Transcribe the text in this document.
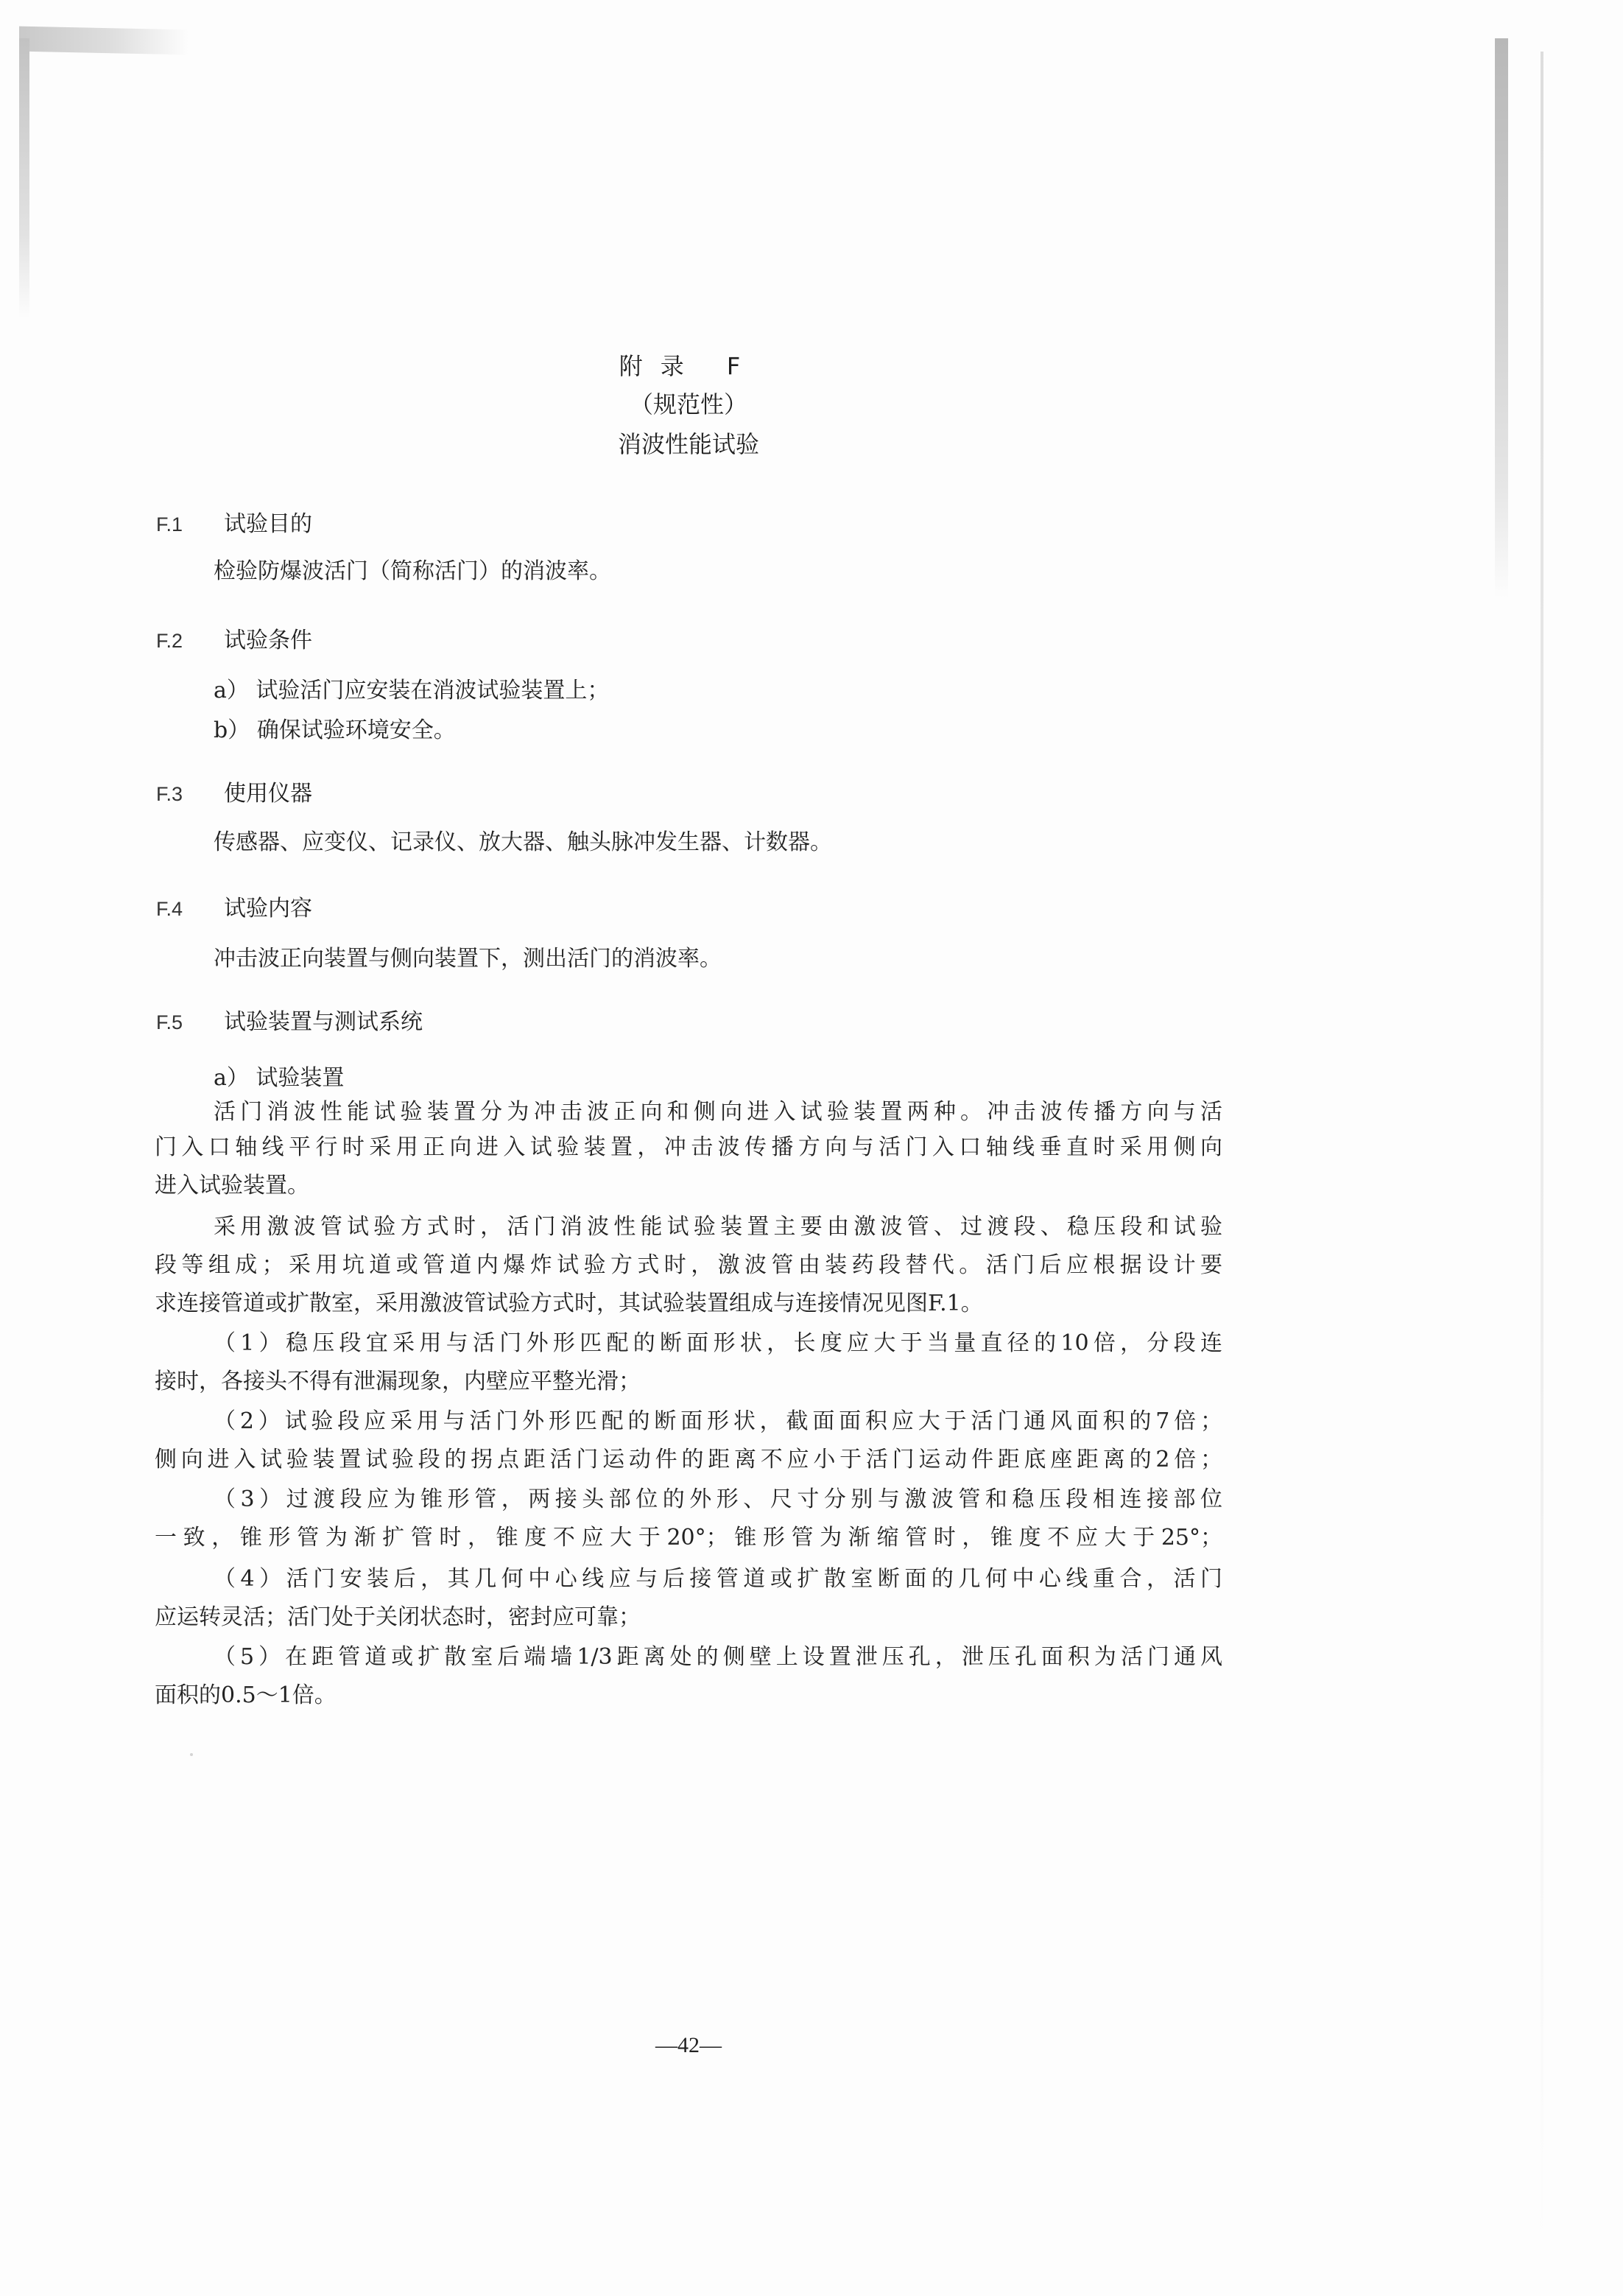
附录 F
（规范性）
消波性能试验
F.1 试验目的
检验防爆波活门（简称活门）的消波率。
F.2 试验条件
a） 试验活门应安装在消波试验装置上；
b） 确保试验环境安全。
F.3 使用仪器
传感器、应变仪、记录仪、放大器、触头脉冲发生器、计数器。
F.4 试验内容
冲击波正向装置与侧向装置下，测出活门的消波率。
F.5 试验装置与测试系统
a） 试验装置
活门消波性能试验装置分为冲击波正向和侧向进入试验装置两种。冲击波传播方向与活
门入口轴线平行时采用正向进入试验装置，冲击波传播方向与活门入口轴线垂直时采用侧向
进入试验装置。
采用激波管试验方式时，活门消波性能试验装置主要由激波管、过渡段、稳压段和试验
段等组成；采用坑道或管道内爆炸试验方式时，激波管由装药段替代。活门后应根据设计要
求连接管道或扩散室，采用激波管试验方式时，其试验装置组成与连接情况见图F.1。
（1）稳压段宜采用与活门外形匹配的断面形状，长度应大于当量直径的10倍，分段连
接时，各接头不得有泄漏现象，内壁应平整光滑；
（2）试验段应采用与活门外形匹配的断面形状，截面面积应大于活门通风面积的7倍；
侧向进入试验装置试验段的拐点距活门运动件的距离不应小于活门运动件距底座距离的2倍；
（3）过渡段应为锥形管，两接头部位的外形、尺寸分别与激波管和稳压段相连接部位
一致，锥形管为渐扩管时，锥度不应大于20°；锥形管为渐缩管时，锥度不应大于25°；
（4）活门安装后，其几何中心线应与后接管道或扩散室断面的几何中心线重合，活门
应运转灵活；活门处于关闭状态时，密封应可靠；
（5）在距管道或扩散室后端墙1/3距离处的侧壁上设置泄压孔，泄压孔面积为活门通风
面积的0.5～1倍。
—42—
